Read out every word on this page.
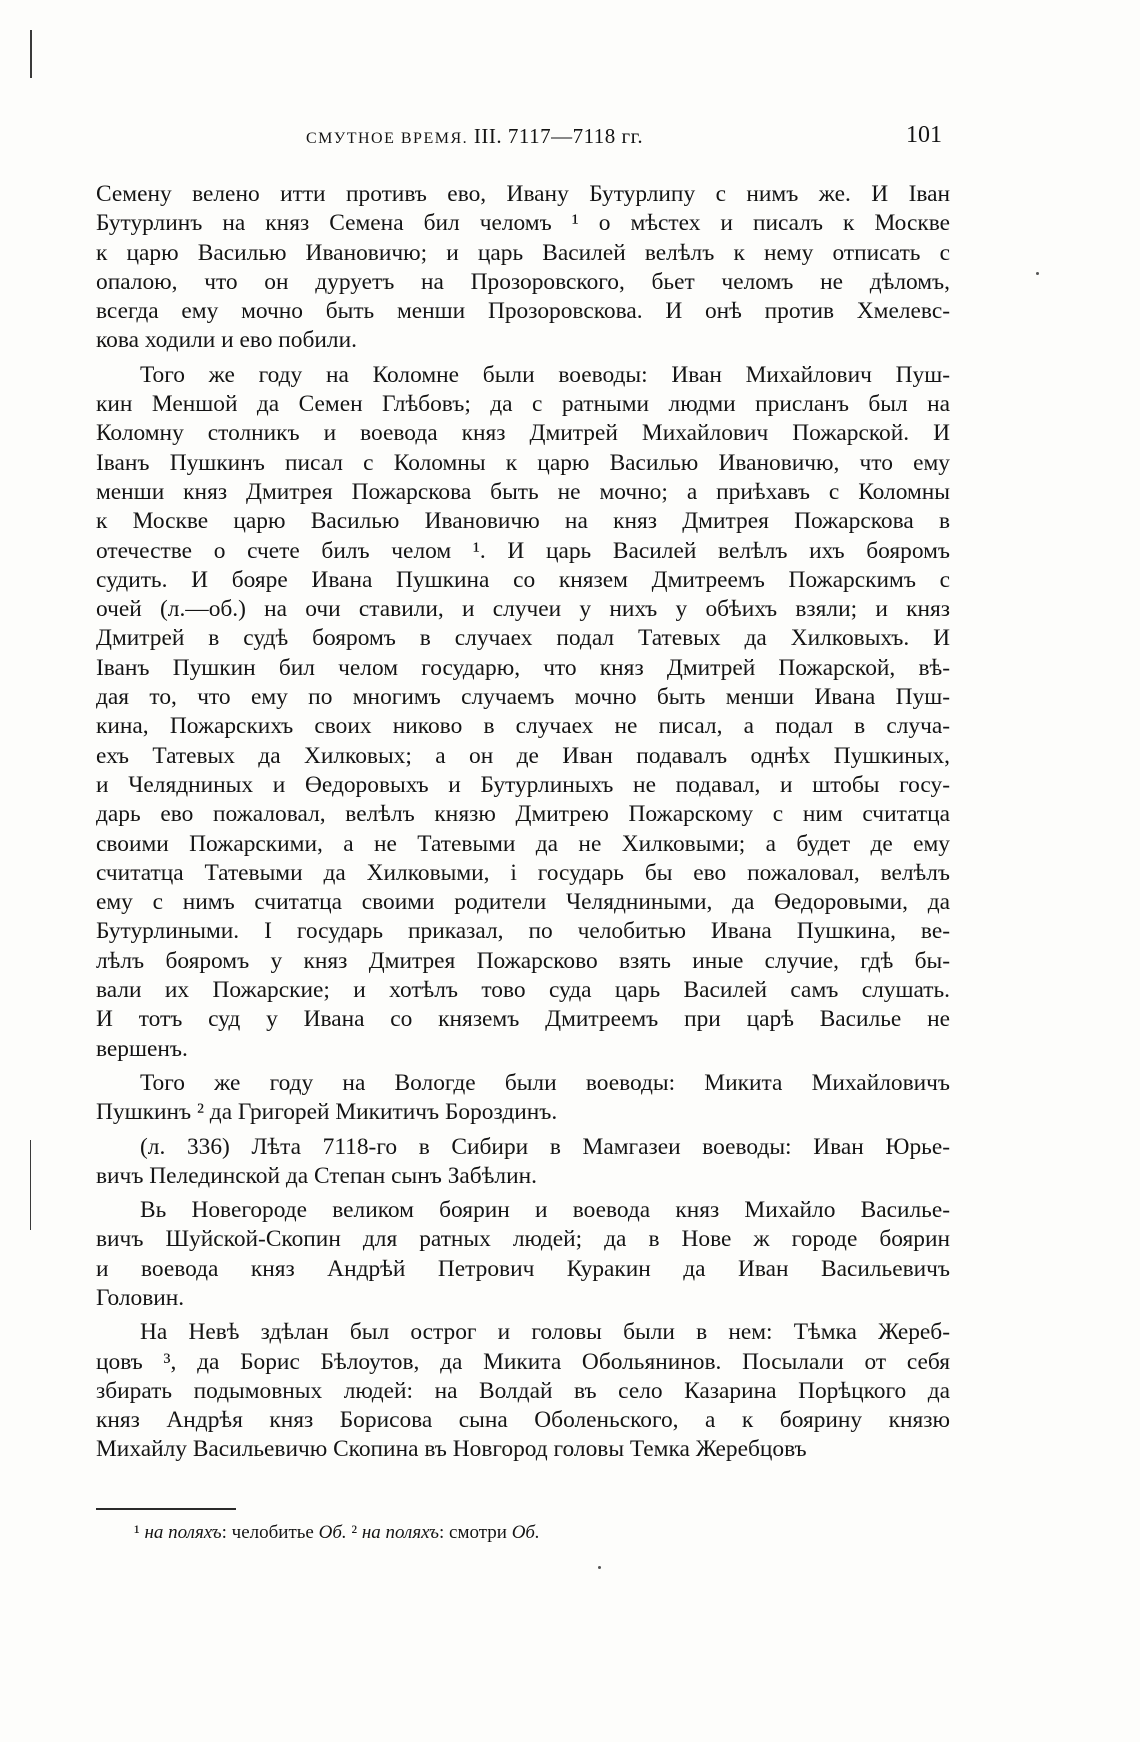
СМУТНОЕ ВРЕМЯ. III. 7117—7118 гг.	101
Семену велено итти противъ ево, Ивану Бутурлипу с нимъ же. И Іван
Бутурлинъ на княз Семена бил челомъ ¹ о мѣстех и писалъ к Москве
к царю Василью Ивановичю; и царь Василей велѣлъ к нему отписать с
опалою, что он дуруетъ на Прозоровского, бьет челомъ не дѣломъ,
всегда ему мочно быть менши Прозоровскова. И онѣ против Хмелевс-
кова ходили и ево побили.
Того же году на Коломне были воеводы: Иван Михайлович Пуш-
кин Меншой да Семен Глѣбовъ; да с ратными людми присланъ был на
Коломну столникъ и воевода княз Дмитрей Михайлович Пожарской. И
Іванъ Пушкинъ писал с Коломны к царю Василью Ивановичю, что ему
менши княз Дмитрея Пожарскова быть не мочно; а приѣхавъ с Коломны
к Москве царю Василью Ивановичю на княз Дмитрея Пожарскова в
отечестве о счете билъ челом ¹. И царь Василей велѣлъ ихъ бояромъ
судить. И бояре Ивана Пушкина со князем Дмитреемъ Пожарскимъ с
очей (л.—об.) на очи ставили, и случеи у нихъ у обѣихъ взяли; и княз
Дмитрей в судѣ бояромъ в случаех подал Татевых да Хилковыхъ. И
Іванъ Пушкин бил челом государю, что княз Дмитрей Пожарской, вѣ-
дая то, что ему по многимъ случаемъ мочно быть менши Ивана Пуш-
кина, Пожарскихъ своих никово в случаех не писал, а подал в случа-
ехъ Татевых да Хилковых; а он де Иван подавалъ однѣх Пушкиных,
и Челядниных и Өедоровыхъ и Бутурлиныхъ не подавал, и штобы госу-
дарь ево пожаловал, велѣлъ князю Дмитрею Пожарскому с ним считатца
своими Пожарскими, а не Татевыми да не Хилковыми; а будет де ему
считатца Татевыми да Хилковыми, і государь бы ево пожаловал, велѣлъ
ему с нимъ считатца своими родители Челядниными, да Өедоровыми, да
Бутурлиными. І государь приказал, по челобитью Ивана Пушкина, ве-
лѣлъ бояромъ у княз Дмитрея Пожарсково взять иные случие, гдѣ бы-
вали их Пожарские; и хотѣлъ тово суда царь Василей самъ слушать.
И тотъ суд у Ивана со княземъ Дмитреемъ при царѣ Василье не
вершенъ.
Того же году на Вологде были воеводы: Микита Михайловичъ
Пушкинъ ² да Григорей Микитичъ Бороздинъ.
(л. 336) Лѣта 7118-го в Сибири в Мамгазеи воеводы: Иван Юрье-
вичъ Пелединской да Степан сынъ Забѣлин.
Вь Новегороде великом боярин и воевода княз Михайло Василье-
вичъ Шуйской-Скопин для ратных людей; да в Нове ж городе боярин
и воевода княз Андрѣй Петрович Куракин да Иван Васильевичъ
Головин.
На Невѣ здѣлан был острог и головы были в нем: Тѣмка Жереб-
цовъ ³, да Борис Бѣлоутов, да Микита Обольянинов. Посылали от себя
збирать подымовных людей: на Волдай въ село Казарина Порѣцкого да
княз Андрѣя княз Борисова сына Оболеньского, а к боярину князю
Михайлу Васильевичю Скопина въ Новгород головы Темка Жеребцовъ
¹ на поляхъ: челобитье Об. ² на поляхъ: смотри Об.
